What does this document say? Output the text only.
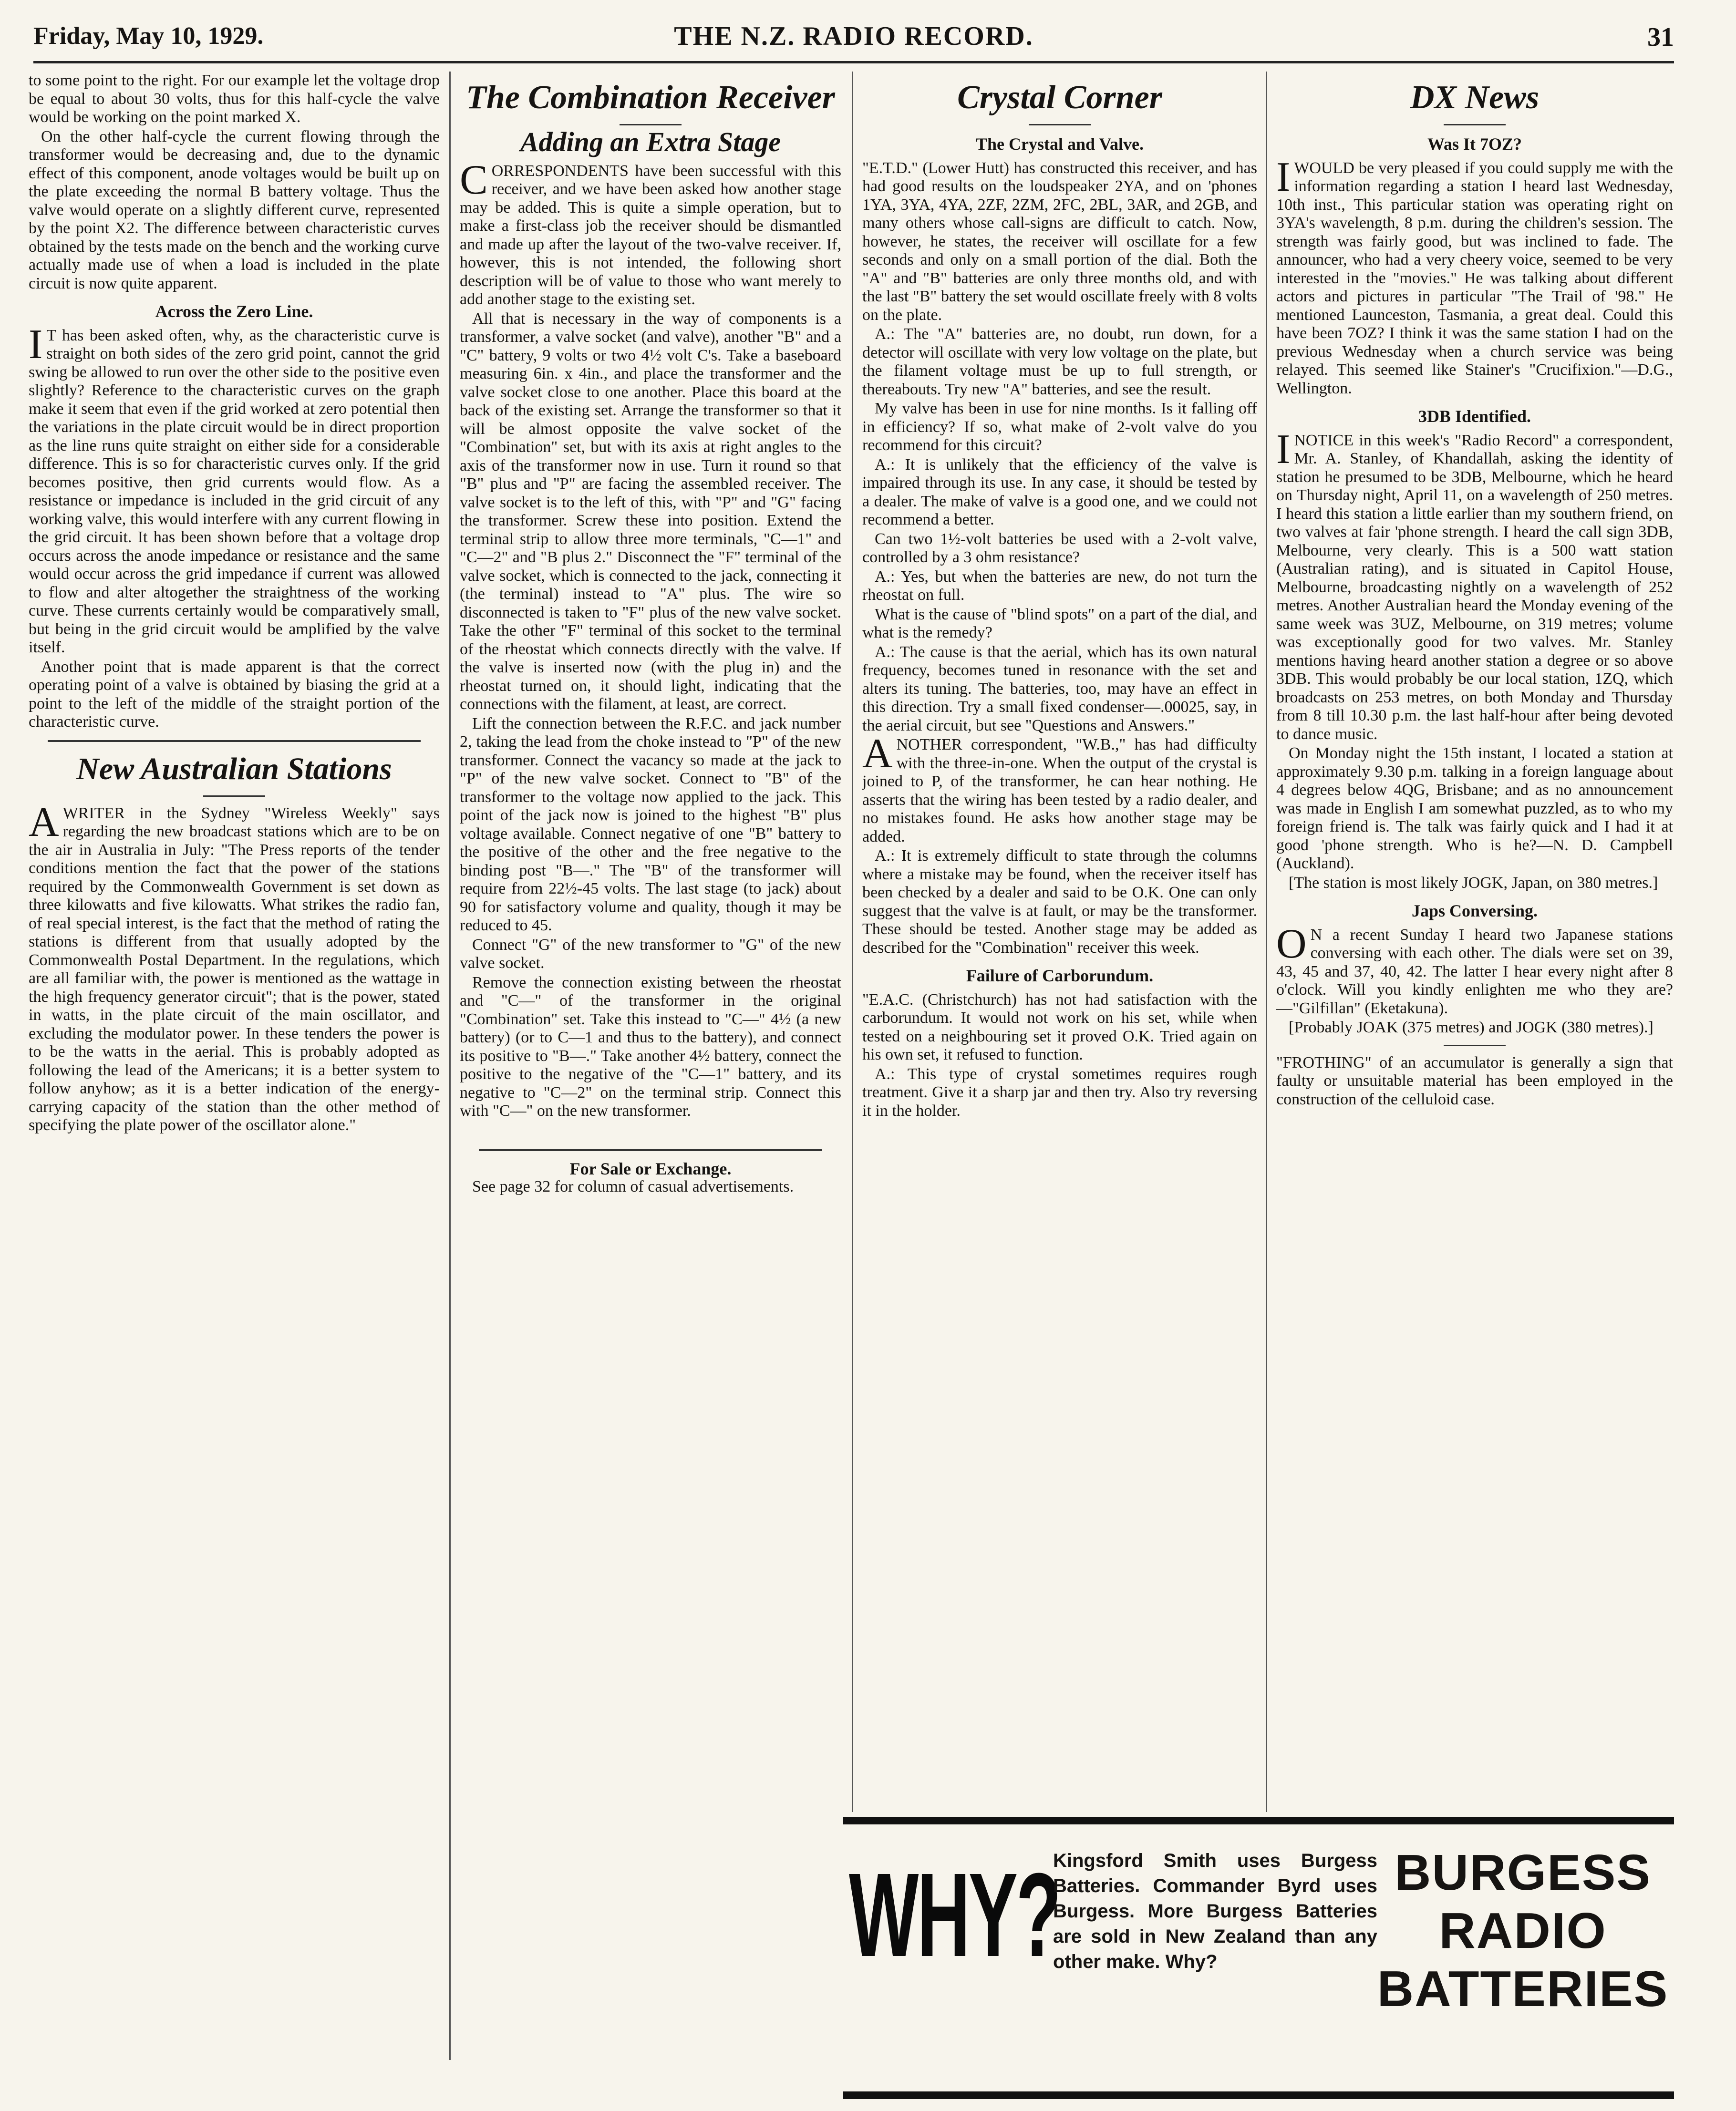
Friday, May 10, 1929.	THE N.Z. RADIO RECORD.	31

to some point to the right. For our example let the voltage drop be equal to about 30 volts, thus for this half-cycle the valve would be working on the point marked X.

On the other half-cycle the current flowing through the transformer would be decreasing and, due to the dynamic effect of this component, anode voltages would be built up on the plate exceeding the normal B battery voltage. Thus the valve would operate on a slightly different curve, represented by the point X2. The difference between characteristic curves obtained by the tests made on the bench and the working curve actually made use of when a load is included in the plate circuit is now quite apparent.

Across the Zero Line.

IT has been asked often, why, as the characteristic curve is straight on both sides of the zero grid point, cannot the grid swing be allowed to run over the other side to the positive even slightly? Reference to the characteristic curves on the graph make it seem that even if the grid worked at zero potential then the variations in the plate circuit would be in direct proportion as the line runs quite straight on either side for a considerable difference. This is so for characteristic curves only. If the grid becomes positive, then grid currents would flow. As a resistance or impedance is included in the grid circuit of any working valve, this would interfere with any current flowing in the grid circuit. It has been shown before that a voltage drop occurs across the anode impedance or resistance and the same would occur across the grid impedance if current was allowed to flow and alter altogether the straightness of the working curve. These currents certainly would be comparatively small, but being in the grid circuit would be amplified by the valve itself.

Another point that is made apparent is that the correct operating point of a valve is obtained by biasing the grid at a point to the left of the middle of the straight portion of the characteristic curve.

New Australian Stations

AWRITER in the Sydney "Wireless Weekly" says regarding the new broadcast stations which are to be on the air in Australia in July: "The Press reports of the tender conditions mention the fact that the power of the stations required by the Commonwealth Government is set down as three kilowatts and five kilowatts. What strikes the radio fan, of real special interest, is the fact that the method of rating the stations is different from that usually adopted by the Commonwealth Postal Department. In the regulations, which are all familiar with, the power is mentioned as the wattage in the high frequency generator circuit"; that is the power, stated in watts, in the plate circuit of the main oscillator, and excluding the modulator power. In these tenders the power is to be the watts in the aerial. This is probably adopted as following the lead of the Americans; it is a better system to follow anyhow; as it is a better indication of the energy-carrying capacity of the station than the other method of specifying the plate power of the oscillator alone."

The Combination Receiver
Adding an Extra Stage

CORRESPONDENTS have been successful with this receiver, and we have been asked how another stage may be added. This is quite a simple operation, but to make a first-class job the receiver should be dismantled and made up after the layout of the two-valve receiver. If, however, this is not intended, the following short description will be of value to those who want merely to add another stage to the existing set.

All that is necessary in the way of components is a transformer, a valve socket (and valve), another "B" and a "C" battery, 9 volts or two 4½ volt C's. Take a baseboard measuring 6in. x 4in., and place the transformer and the valve socket close to one another. Place this board at the back of the existing set. Arrange the transformer so that it will be almost opposite the valve socket of the "Combination" set, but with its axis at right angles to the axis of the transformer now in use. Turn it round so that "B" plus and "P" are facing the assembled receiver. The valve socket is to the left of this, with "P" and "G" facing the transformer. Screw these into position. Extend the terminal strip to allow three more terminals, "C—1" and "C—2" and "B plus 2." Disconnect the "F" terminal of the valve socket, which is connected to the jack, connecting it (the terminal) instead to "A" plus. The wire so disconnected is taken to "F" plus of the new valve socket. Take the other "F" terminal of this socket to the terminal of the rheostat which connects directly with the valve. If the valve is inserted now (with the plug in) and the rheostat turned on, it should light, indicating that the connections with the filament, at least, are correct.

Lift the connection between the R.F.C. and jack number 2, taking the lead from the choke instead to "P" of the new transformer. Connect the vacancy so made at the jack to "P" of the new valve socket. Connect to "B" of the transformer to the voltage now applied to the jack. This point of the jack now is joined to the highest "B" plus voltage available. Connect negative of one "B" battery to the positive of the other and the free negative to the binding post "B—." The "B" of the transformer will require from 22½-45 volts. The last stage (to jack) about 90 for satisfactory volume and quality, though it may be reduced to 45.

Connect "G" of the new transformer to "G" of the new valve socket.

Remove the connection existing between the rheostat and "C—" of the transformer in the original "Combination" set. Take this instead to "C—" 4½ (a new battery) (or to C—1 and thus to the battery), and connect its positive to "B—." Take another 4½ battery, connect the positive to the negative of the "C—1" battery, and its negative to "C—2" on the terminal strip. Connect this with "C—" on the new transformer.

For Sale or Exchange.

See page 32 for column of casual advertisements.

Crystal Corner
The Crystal and Valve.

"E.T.D." (Lower Hutt) has constructed this receiver, and has had good results on the loudspeaker 2YA, and on 'phones 1YA, 3YA, 4YA, 2ZF, 2ZM, 2FC, 2BL, 3AR, and 2GB, and many others whose call-signs are difficult to catch. Now, however, he states, the receiver will oscillate for a few seconds and only on a small portion of the dial. Both the "A" and "B" batteries are only three months old, and with the last "B" battery the set would oscillate freely with 8 volts on the plate.

A.: The "A" batteries are, no doubt, run down, for a detector will oscillate with very low voltage on the plate, but the filament voltage must be up to full strength, or thereabouts. Try new "A" batteries, and see the result.

My valve has been in use for nine months. Is it falling off in efficiency? If so, what make of 2-volt valve do you recommend for this circuit?

A.: It is unlikely that the efficiency of the valve is impaired through its use. In any case, it should be tested by a dealer. The make of valve is a good one, and we could not recommend a better.

Can two 1½-volt batteries be used with a 2-volt valve, controlled by a 3 ohm resistance?

A.: Yes, but when the batteries are new, do not turn the rheostat on full.

What is the cause of "blind spots" on a part of the dial, and what is the remedy?

A.: The cause is that the aerial, which has its own natural frequency, becomes tuned in resonance with the set and alters its tuning. The batteries, too, may have an effect in this direction. Try a small fixed condenser—.00025, say, in the aerial circuit, but see "Questions and Answers."

ANOTHER correspondent, "W.B.," has had difficulty with the three-in-one. When the output of the crystal is joined to P, of the transformer, he can hear nothing. He asserts that the wiring has been tested by a radio dealer, and no mistakes found. He asks how another stage may be added.

A.: It is extremely difficult to state through the columns where a mistake may be found, when the receiver itself has been checked by a dealer and said to be O.K. One can only suggest that the valve is at fault, or may be the transformer. These should be tested. Another stage may be added as described for the "Combination" receiver this week.

Failure of Carborundum.

"E.A.C. (Christchurch) has not had satisfaction with the carborundum. It would not work on his set, while when tested on a neighbouring set it proved O.K. Tried again on his own set, it refused to function.

A.: This type of crystal sometimes requires rough treatment. Give it a sharp jar and then try. Also try reversing it in the holder.

DX News
Was It 7OZ?

IWOULD be very pleased if you could supply me with the information regarding a station I heard last Wednesday, 10th inst., This particular station was operating right on 3YA's wavelength, 8 p.m. during the children's session. The strength was fairly good, but was inclined to fade. The announcer, who had a very cheery voice, seemed to be very interested in the "movies." He was talking about different actors and pictures in particular "The Trail of '98." He mentioned Launceston, Tasmania, a great deal. Could this have been 7OZ? I think it was the same station I had on the previous Wednesday when a church service was being relayed. This seemed like Stainer's "Crucifixion."—D.G., Wellington.

3DB Identified.

INOTICE in this week's "Radio Record" a correspondent, Mr. A. Stanley, of Khandallah, asking the identity of station he presumed to be 3DB, Melbourne, which he heard on Thursday night, April 11, on a wavelength of 250 metres. I heard this station a little earlier than my southern friend, on two valves at fair 'phone strength. I heard the call sign 3DB, Melbourne, very clearly. This is a 500 watt station (Australian rating), and is situated in Capitol House, Melbourne, broadcasting nightly on a wavelength of 252 metres. Another Australian heard the Monday evening of the same week was 3UZ, Melbourne, on 319 metres; volume was exceptionally good for two valves. Mr. Stanley mentions having heard another station a degree or so above 3DB. This would probably be our local station, 1ZQ, which broadcasts on 253 metres, on both Monday and Thursday from 8 till 10.30 p.m. the last half-hour after being devoted to dance music.

On Monday night the 15th instant, I located a station at approximately 9.30 p.m. talking in a foreign language about 4 degrees below 4QG, Brisbane; and as no announcement was made in English I am somewhat puzzled, as to who my foreign friend is. The talk was fairly quick and I had it at good 'phone strength. Who is he?—N. D. Campbell (Auckland).

[The station is most likely JOGK, Japan, on 380 metres.]

Japs Conversing.

ON a recent Sunday I heard two Japanese stations conversing with each other. The dials were set on 39, 43, 45 and 37, 40, 42. The latter I hear every night after 8 o'clock. Will you kindly enlighten me who they are?—"Gilfillan" (Eketakuna).

[Probably JOAK (375 metres) and JOGK (380 metres).]

"FROTHING" of an accumulator is generally a sign that faulty or unsuitable material has been employed in the construction of the celluloid case.

WHY?
Kingsford Smith uses Burgess Batteries. Commander Byrd uses Burgess. More Burgess Batteries are sold in New Zealand than any other make. Why?
BURGESS
RADIO
BATTERIES
